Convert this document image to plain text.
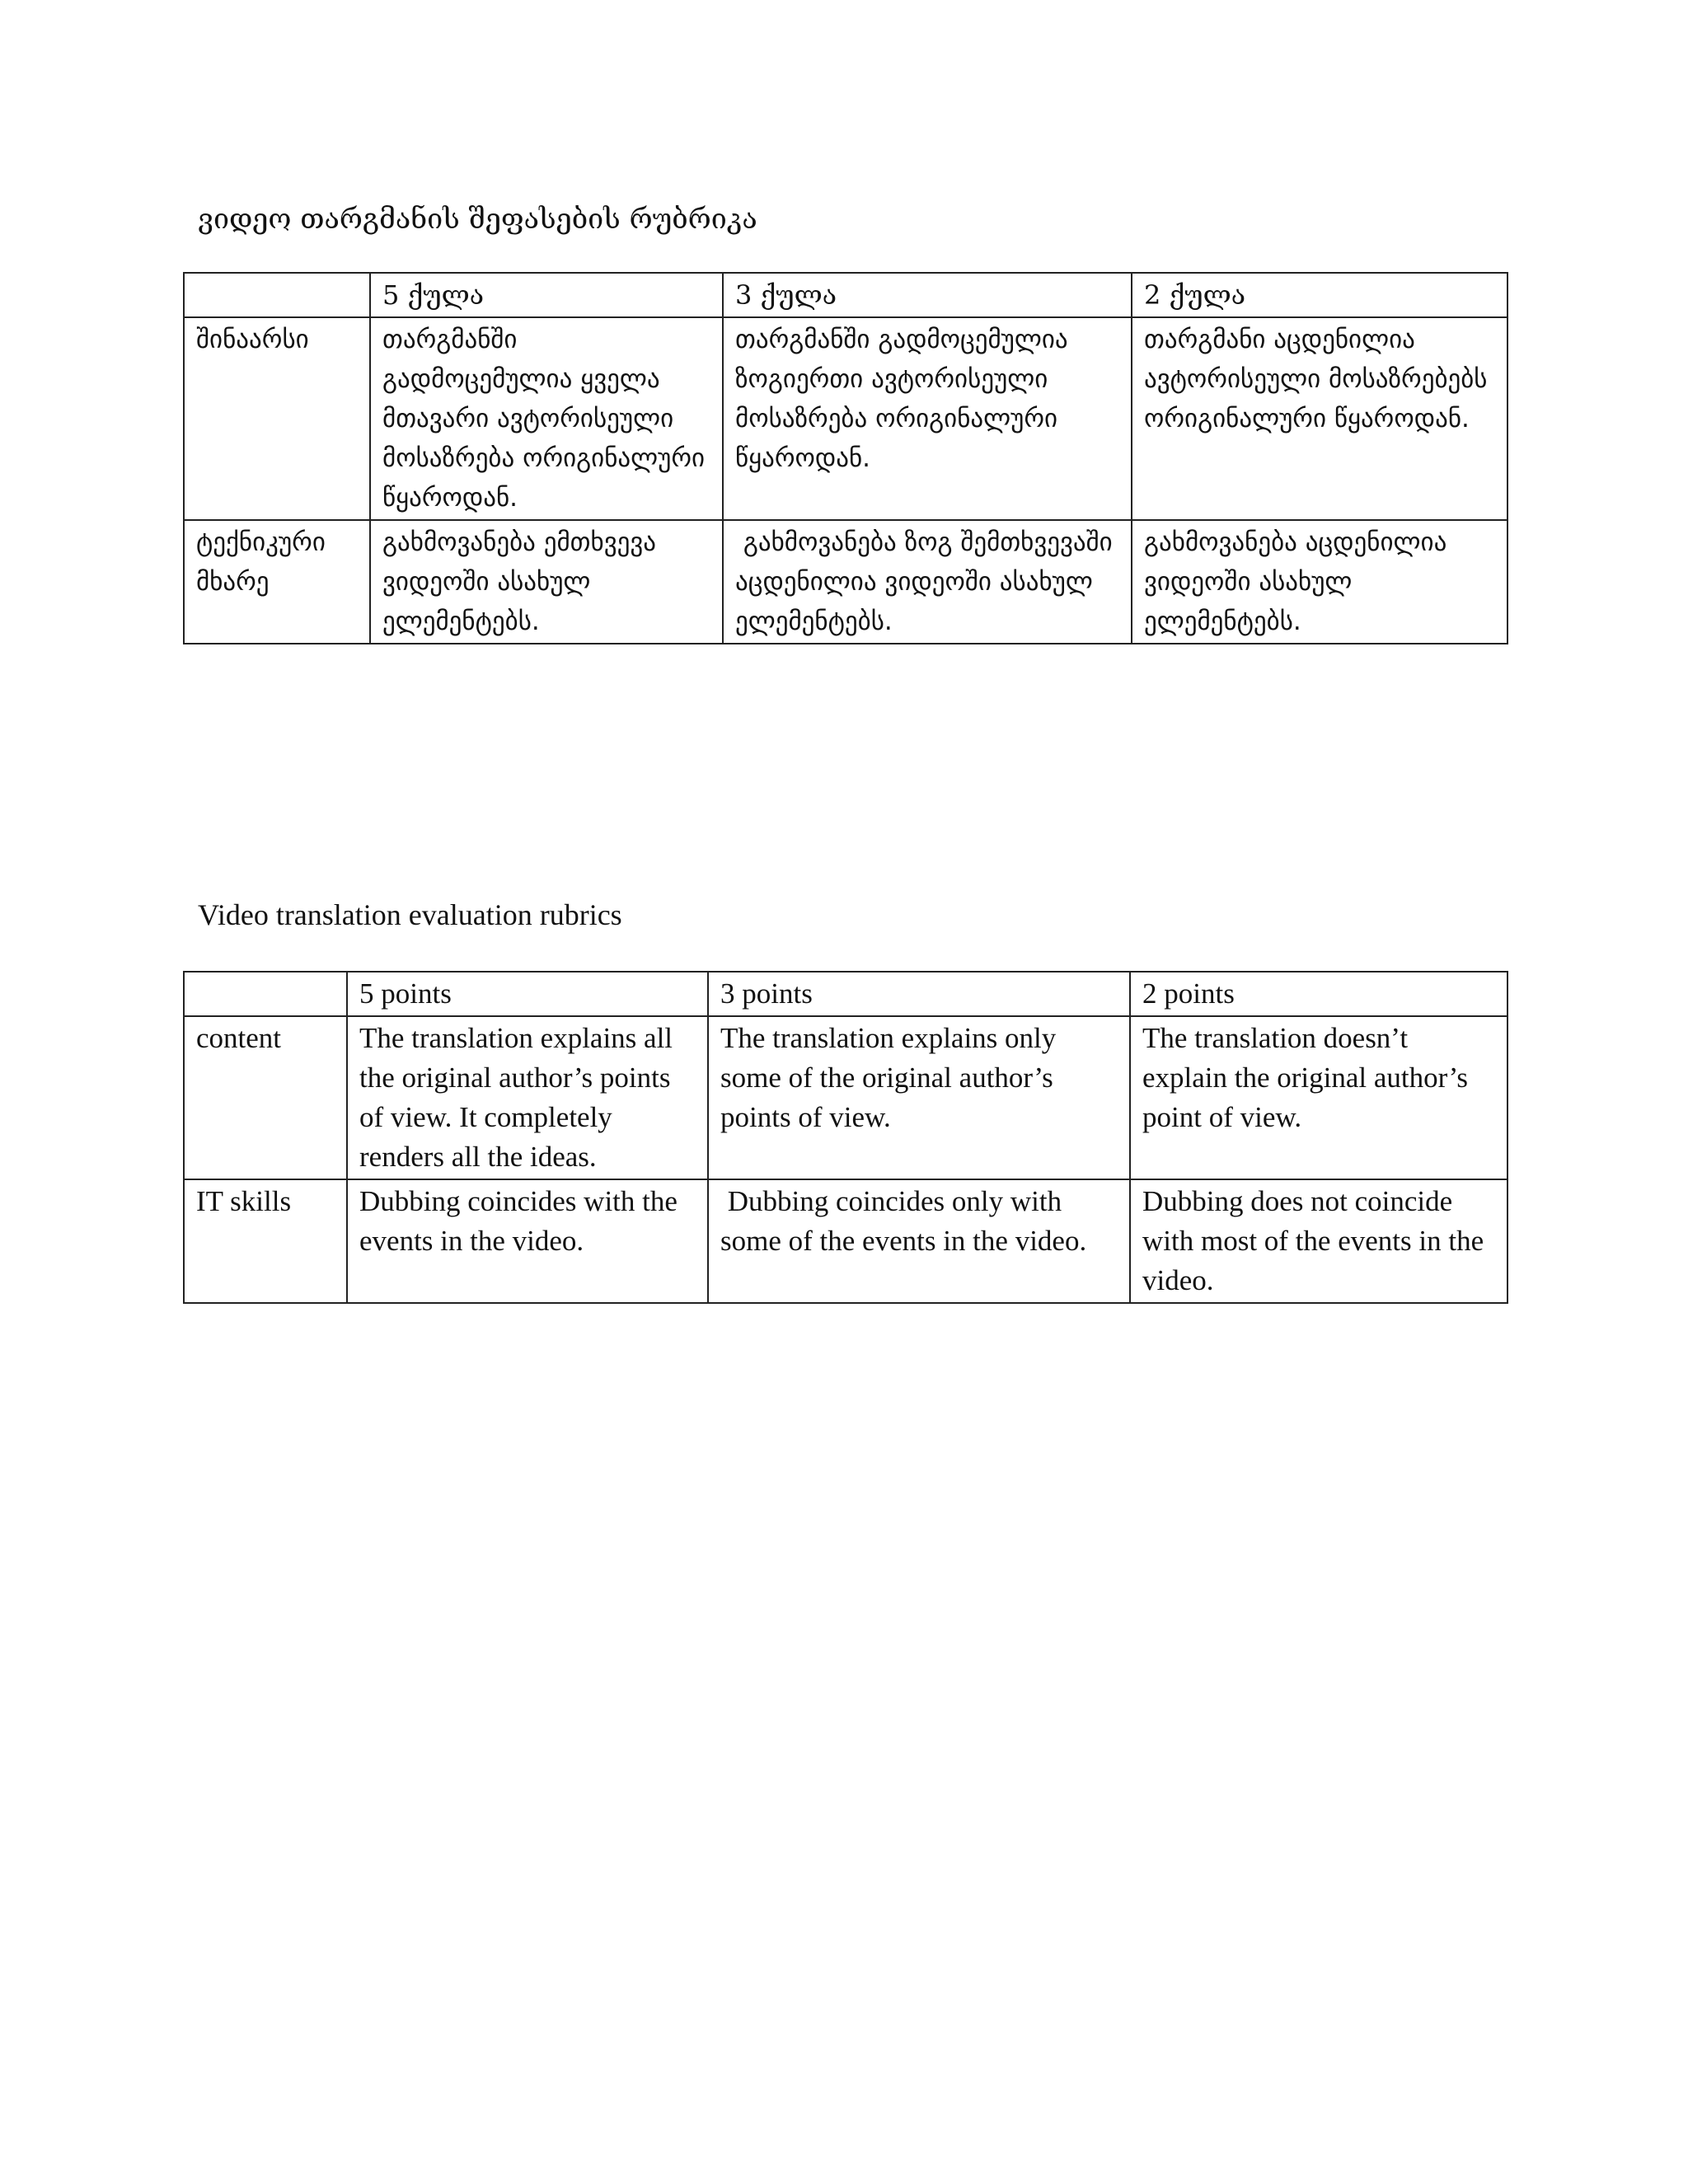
ვიდეო თარგმანის შეფასების რუბრიკა
	5 ქულა	3 ქულა	2 ქულა
შინაარსი	თარგმანში გადმოცემულია ყველა მთავარი ავტორისეული მოსაზრება ორიგინალური წყაროდან.	თარგმანში გადმოცემულია ზოგიერთი ავტორისეული მოსაზრება ორიგინალური წყაროდან.	თარგმანი აცდენილია ავტორისეული მოსაზრებებს ორიგინალური წყაროდან.
ტექნიკური მხარე	გახმოვანება ემთხვევა ვიდეოში ასახულ ელემენტებს.	გახმოვანება ზოგ შემთხვევაში აცდენილია ვიდეოში ასახულ ელემენტებს.	გახმოვანება აცდენილია ვიდეოში ასახულ ელემენტებს.
Video translation evaluation rubrics
	5 points	3 points	2 points
content	The translation explains all the original author’s points of view. It completely renders all the ideas.	The translation explains only some of the original author’s points of view.	The translation doesn’t explain the original author’s point of view.
IT skills	Dubbing coincides with the events in the video.	Dubbing coincides only with some of the events in the video.	Dubbing does not coincide with most of the events in the video.
